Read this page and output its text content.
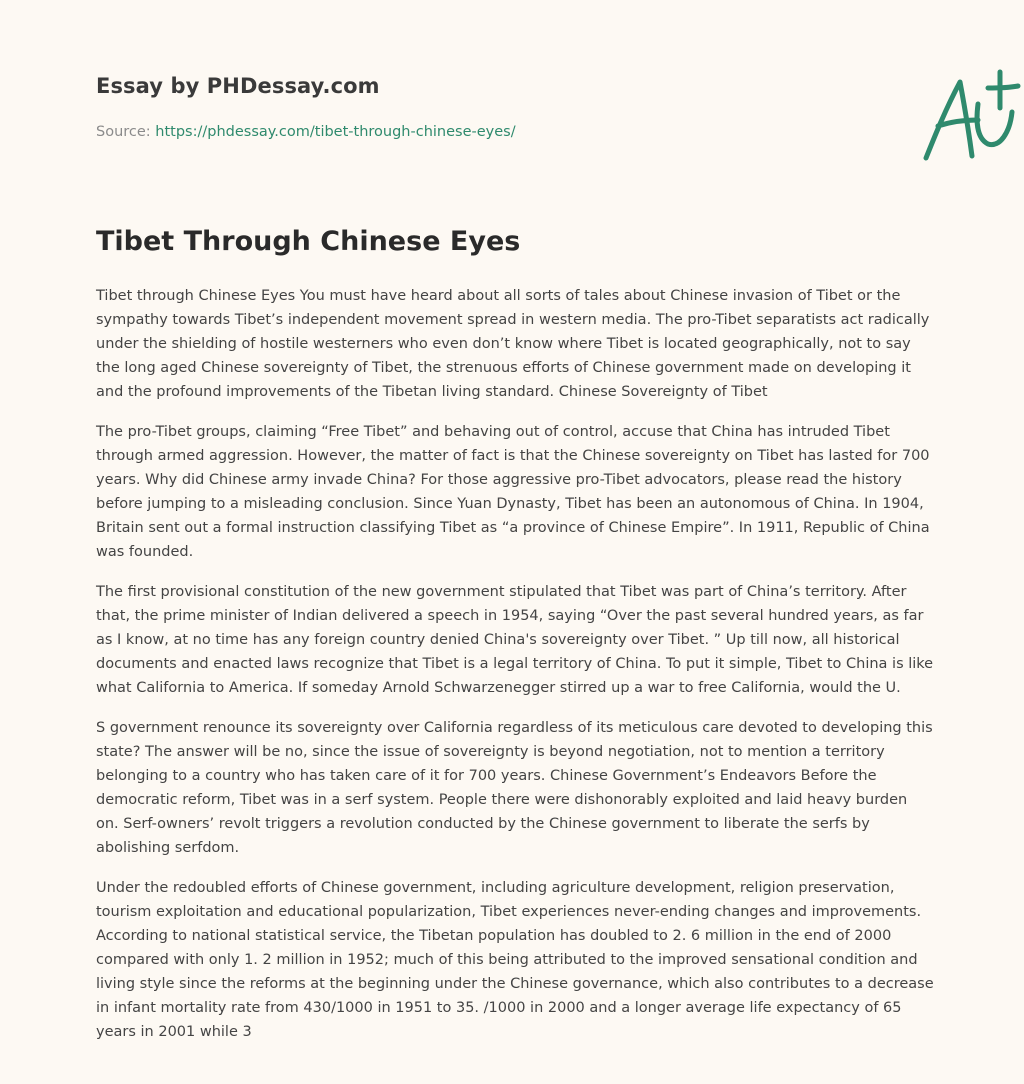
Essay by PHDessay.com

Source: https://phdessay.com/tibet-through-chinese-eyes/

Tibet Through Chinese Eyes

Tibet through Chinese Eyes You must have heard about all sorts of tales about Chinese invasion of Tibet or the sympathy towards Tibet’s independent movement spread in western media. The pro-Tibet separatists act radically under the shielding of hostile westerners who even don’t know where Tibet is located geographically, not to say the long aged Chinese sovereignty of Tibet, the strenuous efforts of Chinese government made on developing it and the profound improvements of the Tibetan living standard. Chinese Sovereignty of Tibet

The pro-Tibet groups, claiming “Free Tibet” and behaving out of control, accuse that China has intruded Tibet through armed aggression. However, the matter of fact is that the Chinese sovereignty on Tibet has lasted for 700 years. Why did Chinese army invade China? For those aggressive pro-Tibet advocators, please read the history before jumping to a misleading conclusion. Since Yuan Dynasty, Tibet has been an autonomous of China. In 1904, Britain sent out a formal instruction classifying Tibet as “a province of Chinese Empire”. In 1911, Republic of China was founded.

The first provisional constitution of the new government stipulated that Tibet was part of China’s territory. After that, the prime minister of Indian delivered a speech in 1954, saying “Over the past several hundred years, as far as I know, at no time has any foreign country denied China's sovereignty over Tibet. ” Up till now, all historical documents and enacted laws recognize that Tibet is a legal territory of China. To put it simple, Tibet to China is like what California to America. If someday Arnold Schwarzenegger stirred up a war to free California, would the U.

S government renounce its sovereignty over California regardless of its meticulous care devoted to developing this state? The answer will be no, since the issue of sovereignty is beyond negotiation, not to mention a territory belonging to a country who has taken care of it for 700 years. Chinese Government’s Endeavors Before the democratic reform, Tibet was in a serf system. People there were dishonorably exploited and laid heavy burden on. Serf-owners’ revolt triggers a revolution conducted by the Chinese government to liberate the serfs by abolishing serfdom.

Under the redoubled efforts of Chinese government, including agriculture development, religion preservation, tourism exploitation and educational popularization, Tibet experiences never-ending changes and improvements. According to national statistical service, the Tibetan population has doubled to 2. 6 million in the end of 2000 compared with only 1. 2 million in 1952; much of this being attributed to the improved sensational condition and living style since the reforms at the beginning under the Chinese governance, which also contributes to a decrease in infant mortality rate from 430/1000 in 1951 to 35. /1000 in 2000 and a longer average life expectancy of 65 years in 2001 while 3
